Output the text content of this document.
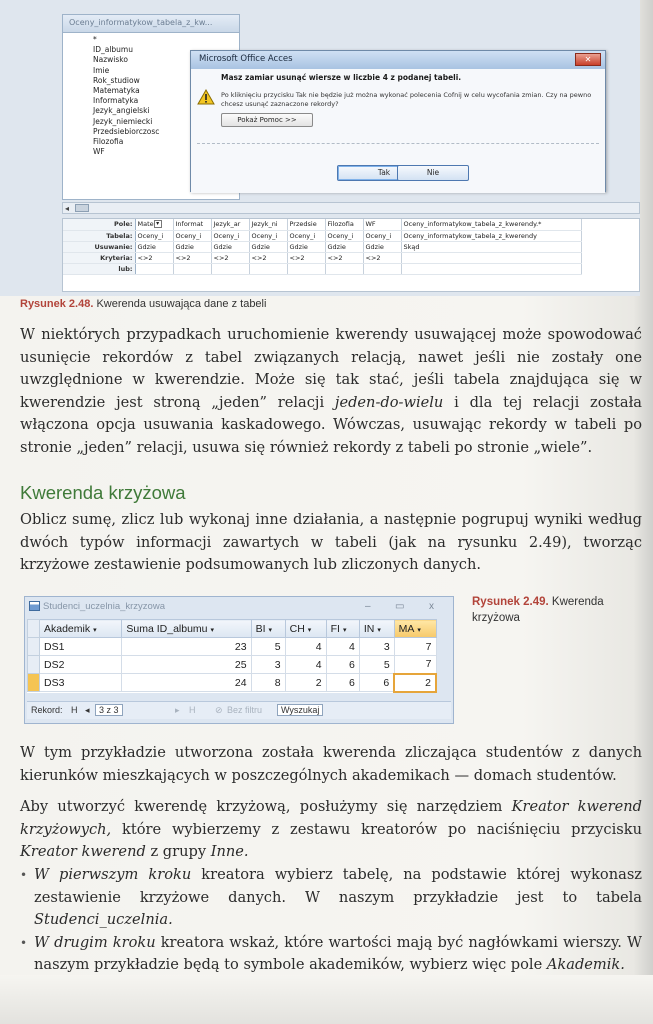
Oceny_informatykow_tabela_z_kw...
*
ID_albumu
Nazwisko
Imie
Rok_studiow
Matematyka
Informatyka
Jezyk_angielski
Jezyk_niemiecki
Przedsiebiorczosc
Filozofia
WF
◂
Microsoft Office Acces	✕
Masz zamiar usunąć wiersze w liczbie 4 z podanej tabeli.
Po kliknięciu przycisku Tak nie będzie już można wykonać polecenia Cofnij w celu wycofania zmian. Czy na pewno chcesz usunąć zaznaczone rekordy?
Pokaż Pomoc >>
Tak	Nie
Pole:	Mate ▾	Informat	Jezyk_ar	Jezyk_ni	Przedsie	Filozofia	WF	Oceny_informatykow_tabela_z_kwerendy.*
Tabela:	Oceny_i	Oceny_i	Oceny_i	Oceny_i	Oceny_i	Oceny_i	Oceny_i	Oceny_informatykow_tabela_z_kwerendy
Usuwanie:	Gdzie	Gdzie	Gdzie	Gdzie	Gdzie	Gdzie	Gdzie	Skąd
Kryteria:	<>2	<>2	<>2	<>2	<>2	<>2	<>2	
lub:								
Rysunek 2.48. Kwerenda usuwająca dane z tabeli
W niektórych przypadkach uruchomienie kwerendy usuwającej może spowodować usunięcie rekordów z tabel związanych relacją, nawet jeśli nie zostały one uwzględnione w kwerendzie. Może się tak stać, jeśli tabela znajdująca się w kwerendzie jest stroną „jeden” relacji jeden-do-wielu i dla tej relacji została włączona opcja usuwania kaskadowego. Wówczas, usuwając rekordy w tabeli po stronie „jeden” relacji, usuwa się również rekordy z tabeli po stronie „wiele”.
Kwerenda krzyżowa
Oblicz sumę, zlicz lub wykonaj inne działania, a następnie pogrupuj wyniki według dwóch typów informacji zawartych w tabeli (jak na rysunku 2.49), tworząc krzyżowe zestawienie podsumowanych lub zliczonych danych.
Studenci_uczelnia_krzyzowa	– ▭ x
	Akademik ▾	Suma ID_albumu ▾	BI ▾	CH ▾	FI ▾	IN ▾	MA ▾
	DS1	23	5	4	4	3	7
	DS2	25	3	4	6	5	7
	DS3	24	8	2	6	6	2
Rekord: H ◂	3 z 3	▸ H ⊘ Bez filtru	Wyszukaj
Rysunek 2.49. Kwerenda krzyżowa
W tym przykładzie utworzona została kwerenda zliczająca studentów z danych kierunków mieszkających w poszczególnych akademikach — domach studentów.
Aby utworzyć kwerendę krzyżową, posłużymy się narzędziem Kreator kwerend krzyżowych, które wybierzemy z zestawu kreatorów po naciśnięciu przycisku Kreator kwerend z grupy Inne.
• W pierwszym kroku kreatora wybierz tabelę, na podstawie której wykonasz zestawienie krzyżowe danych. W naszym przykładzie jest to tabela Studenci_uczelnia.
• W drugim kroku kreatora wskaż, które wartości mają być nagłówkami wierszy. W naszym przykładzie będą to symbole akademików, wybierz więc pole Akademik.
